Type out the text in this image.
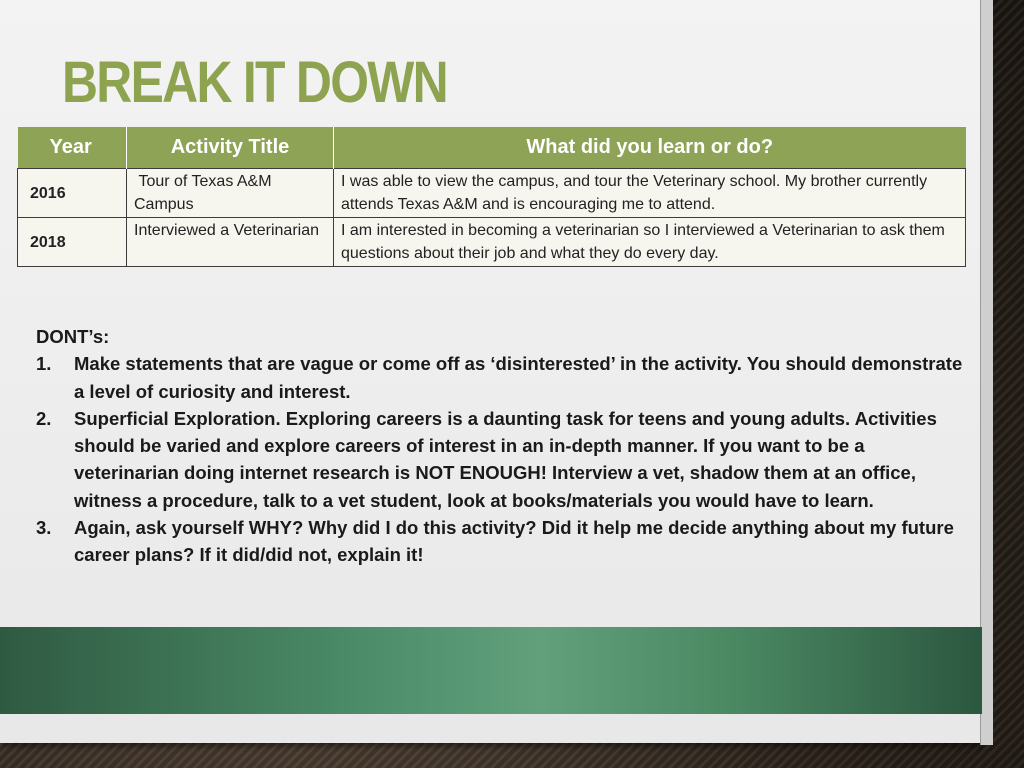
BREAK IT DOWN
Year	Activity Title	What did you learn or do?
2016	Tour of Texas A&M Campus	I was able to view the campus, and tour the Veterinary school. My brother currently attends Texas A&M and is encouraging me to attend.
2018	Interviewed a Veterinarian	I am interested in becoming a veterinarian so I interviewed a Veterinarian to ask them questions about their job and what they do every day.

DONT’s:

1. Make statements that are vague or come off as ‘disinterested’ in the activity. You should demonstrate a level of curiosity and interest.
2. Superficial Exploration. Exploring careers is a daunting task for teens and young adults. Activities should be varied and explore careers of interest in an in-depth manner. If you want to be a veterinarian doing internet research is NOT ENOUGH! Interview a vet, shadow them at an office, witness a procedure, talk to a vet student, look at books/materials you would have to learn.
3. Again, ask yourself WHY? Why did I do this activity? Did it help me decide anything about my future career plans? If it did/did not, explain it!
